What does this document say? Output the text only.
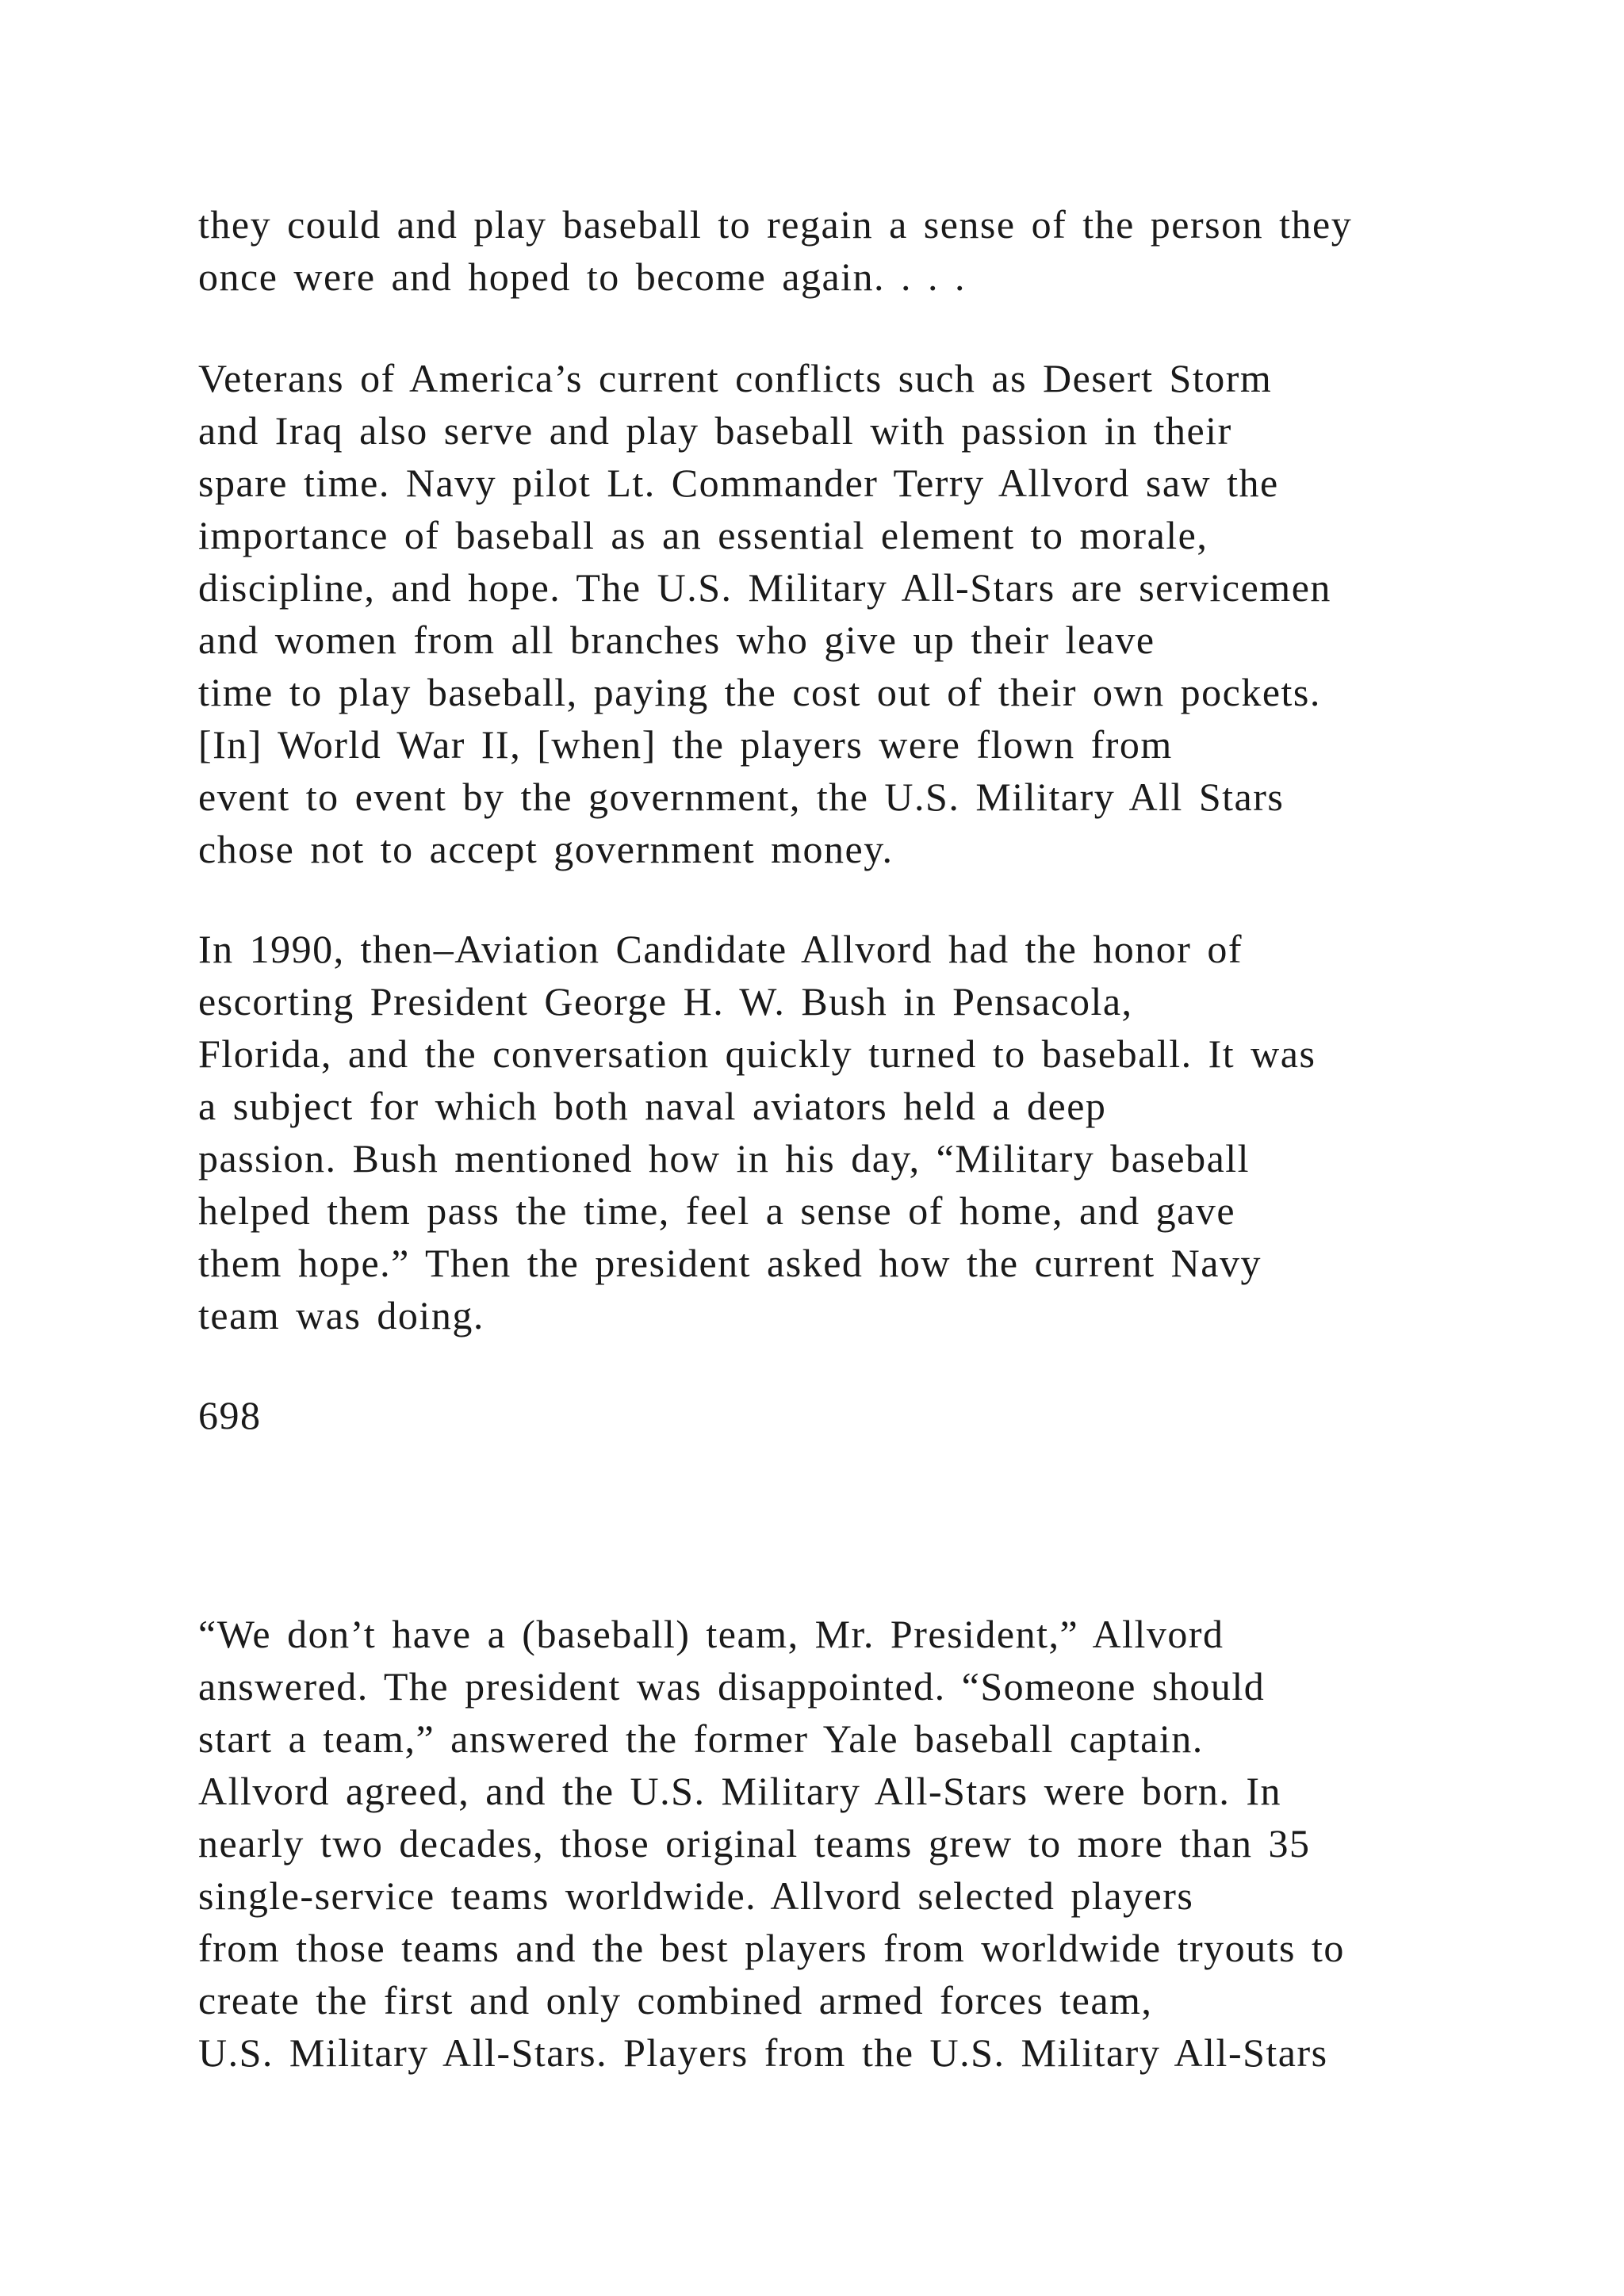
they could and play baseball to regain a sense of the person they
once were and hoped to become again. . . .

Veterans of America’s current conflicts such as Desert Storm
and Iraq also serve and play baseball with passion in their
spare time. Navy pilot Lt. Commander Terry Allvord saw the
importance of baseball as an essential element to morale,
discipline, and hope. The U.S. Military All-Stars are servicemen
and women from all branches who give up their leave
time to play baseball, paying the cost out of their own pockets.
[In] World War II, [when] the players were flown from
event to event by the government, the U.S. Military All Stars
chose not to accept government money.

In 1990, then–Aviation Candidate Allvord had the honor of
escorting President George H. W. Bush in Pensacola,
Florida, and the conversation quickly turned to baseball. It was
a subject for which both naval aviators held a deep
passion. Bush mentioned how in his day, “Military baseball
helped them pass the time, feel a sense of home, and gave
them hope.” Then the president asked how the current Navy
team was doing.

698

“We don’t have a (baseball) team, Mr. President,” Allvord
answered. The president was disappointed. “Someone should
start a team,” answered the former Yale baseball captain.
Allvord agreed, and the U.S. Military All-Stars were born. In
nearly two decades, those original teams grew to more than 35
single-service teams worldwide. Allvord selected players
from those teams and the best players from worldwide tryouts to
create the first and only combined armed forces team,
U.S. Military All-Stars. Players from the U.S. Military All-Stars
